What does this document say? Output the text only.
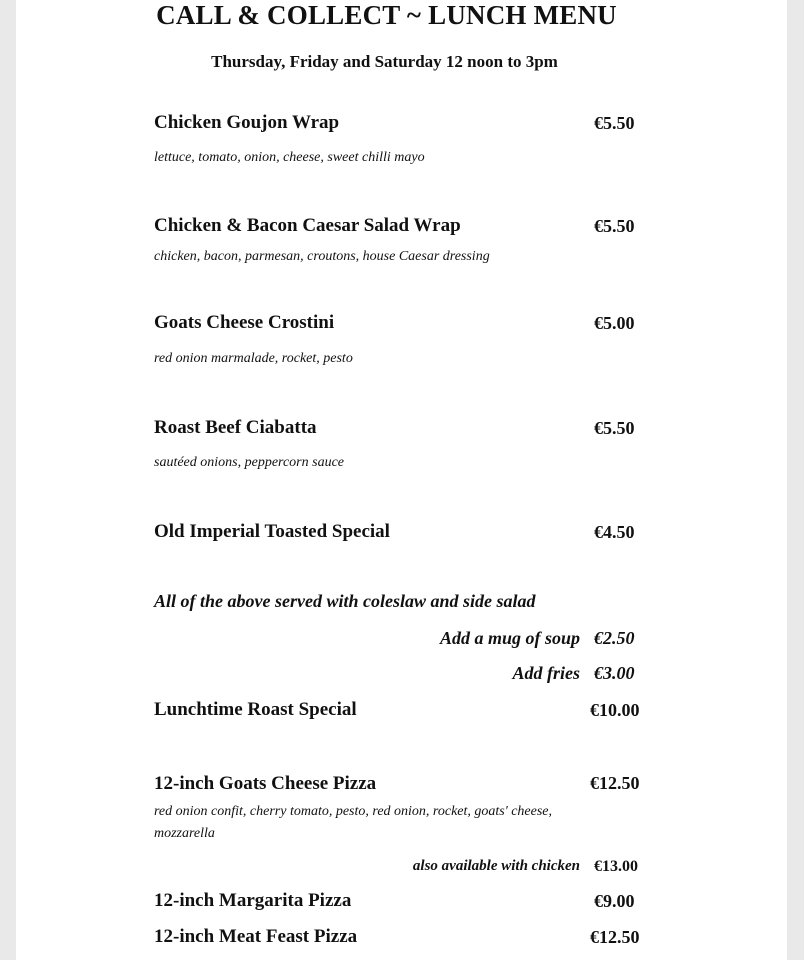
CALL & COLLECT ~ LUNCH MENU
Thursday, Friday and Saturday 12 noon to 3pm
Chicken Goujon Wrap	€5.50
lettuce, tomato, onion, cheese, sweet chilli mayo
Chicken & Bacon Caesar Salad Wrap	€5.50
chicken, bacon, parmesan, croutons, house Caesar dressing
Goats Cheese Crostini	€5.00
red onion marmalade, rocket, pesto
Roast Beef Ciabatta	€5.50
sautéed onions, peppercorn sauce
Old Imperial Toasted Special	€4.50
All of the above served with coleslaw and side salad
Add a mug of soup €2.50
Add fries €3.00
Lunchtime Roast Special	€10.00
12-inch Goats Cheese Pizza	€12.50
red onion confit, cherry tomato, pesto, red onion, rocket, goats' cheese,
mozzarella
also available with chicken €13.00
12-inch Margarita Pizza	€9.00
12-inch Meat Feast Pizza	€12.50
